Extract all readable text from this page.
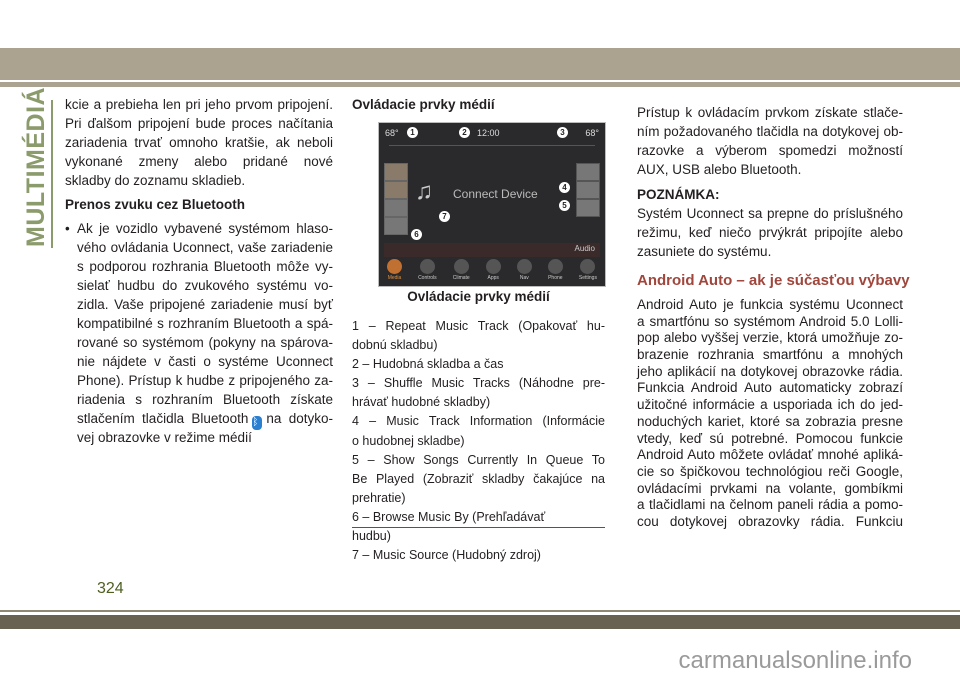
MULTIMÉDIÁ kcie a prebieha len pri jeho prvom pripojení.
Pri ďalšom pripojení bude proces načítania
zariadenia trvať omnoho kratšie, ak neboli
vykonané zmeny alebo pridané nové
skladby do zoznamu skladieb.
Prenos zvuku cez Bluetooth
• Ak je vozidlo vybavené systémom hlaso-
vého ovládania Uconnect, vaše zariadenie
s podporou rozhrania Bluetooth môže vy-
sielať hudbu do zvukového systému vo-
zidla. Vaše pripojené zariadenie musí byť
kompatibilné s rozhraním Bluetooth a spá-
rované so systémom (pokyny na spárova-
nie nájdete v časti o systéme Uconnect
Phone). Prístup k hudbe z pripojeného za-
riadenia s rozhraním Bluetooth získate
stlačením tlačidla Bluetooth ᛒ na dotyko-
vej obrazovke v režime médií
Ovládacie prvky médií
68°	12:00	68°
♫ Connect Device
Audio
Media	Controls	Climate	Apps	Nav	Phone	Settings
1	2	3
4
5
6
7
Ovládacie prvky médií
1 – Repeat Music Track (Opakovať hu-
dobnú skladbu)
2 – Hudobná skladba a čas
3 – Shuffle Music Tracks (Náhodne pre-
hrávať hudobné skladby)
4 – Music Track Information (Informácie
o hudobnej skladbe)
5 – Show Songs Currently In Queue To
Be Played (Zobraziť skladby čakajúce na
prehratie)
6 – Browse Music By (Prehľadávať
hudbu)
7 – Music Source (Hudobný zdroj)
Prístup k ovládacím prvkom získate stlače-
ním požadovaného tlačidla na dotykovej ob-
razovke a výberom spomedzi možností
AUX, USB alebo Bluetooth.
POZNÁMKA:
Systém Uconnect sa prepne do príslušného
režimu, keď niečo prvýkrát pripojíte alebo
zasuniete do systému.
Android Auto – ak je súčasťou výbavy
Android Auto je funkcia systému Uconnect
a smartfónu so systémom Android 5.0 Lolli-
pop alebo vyššej verzie, ktorá umožňuje zo-
brazenie rozhrania smartfónu a mnohých
jeho aplikácií na dotykovej obrazovke rádia.
Funkcia Android Auto automaticky zobrazí
užitočné informácie a usporiada ich do jed-
noduchých kariet, ktoré sa zobrazia presne
vtedy, keď sú potrebné. Pomocou funkcie
Android Auto môžete ovládať mnohé apliká-
cie so špičkovou technológiou reči Google,
ovládacími prvkami na volante, gombíkmi
a tlačidlami na čelnom paneli rádia a pomo-
cou dotykovej obrazovky rádia. Funkciu
324
carmanualsonline.info
